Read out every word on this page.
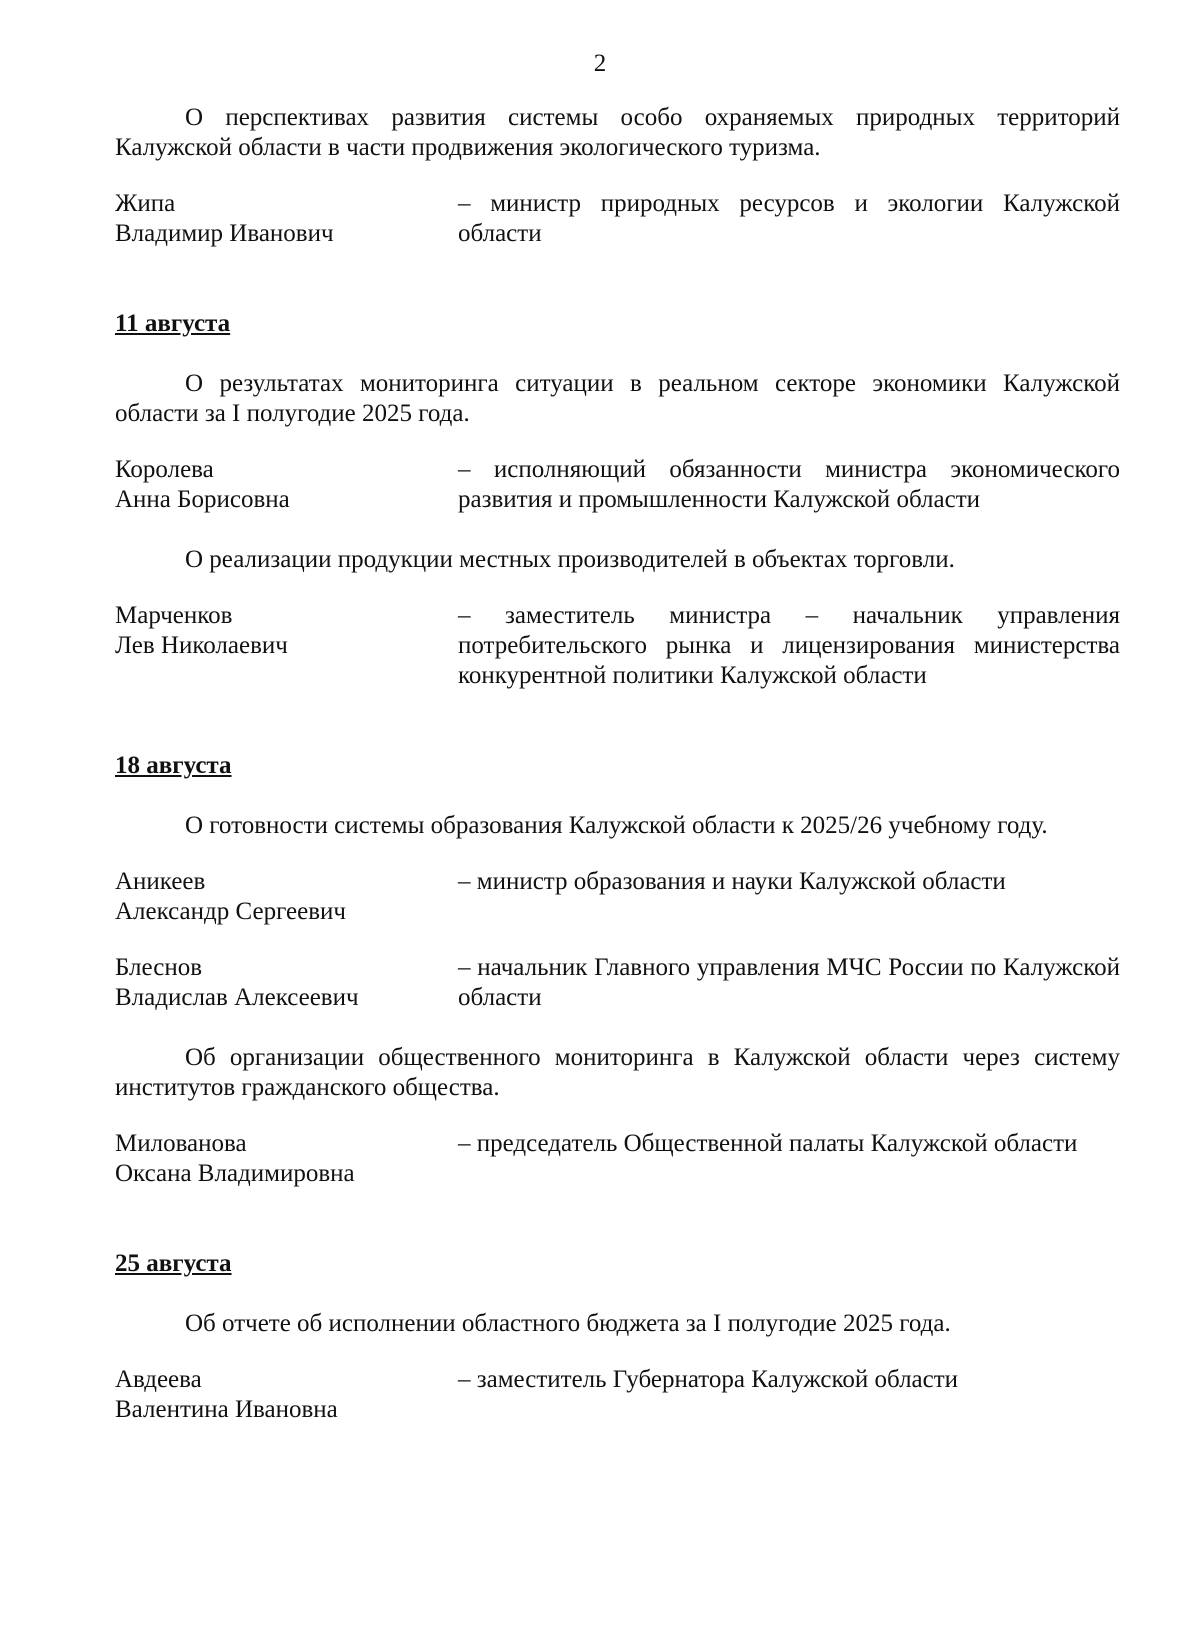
2

О перспективах развития системы особо охраняемых природных территорий Калужской области в части продвижения экологического туризма.

Жипа
Владимир Иванович
– министр природных ресурсов и экологии Калужской области

11 августа

О результатах мониторинга ситуации в реальном секторе экономики Калужской области за I полугодие 2025 года.

Королева
Анна Борисовна
– исполняющий обязанности министра экономического развития и промышленности Калужской области

О реализации продукции местных производителей в объектах торговли.

Марченков
Лев Николаевич
– заместитель министра – начальник управления потребительского рынка и лицензирования министерства конкурентной политики Калужской области

18 августа

О готовности системы образования Калужской области к 2025/26 учебному году.

Аникеев
Александр Сергеевич
– министр образования и науки Калужской области
Блеснов
Владислав Алексеевич
– начальник Главного управления МЧС России по Калужской области

Об организации общественного мониторинга в Калужской области через систему институтов гражданского общества.

Милованова
Оксана Владимировна
– председатель Общественной палаты Калужской области

25 августа

Об отчете об исполнении областного бюджета за I полугодие 2025 года.

Авдеева
Валентина Ивановна
– заместитель Губернатора Калужской области
